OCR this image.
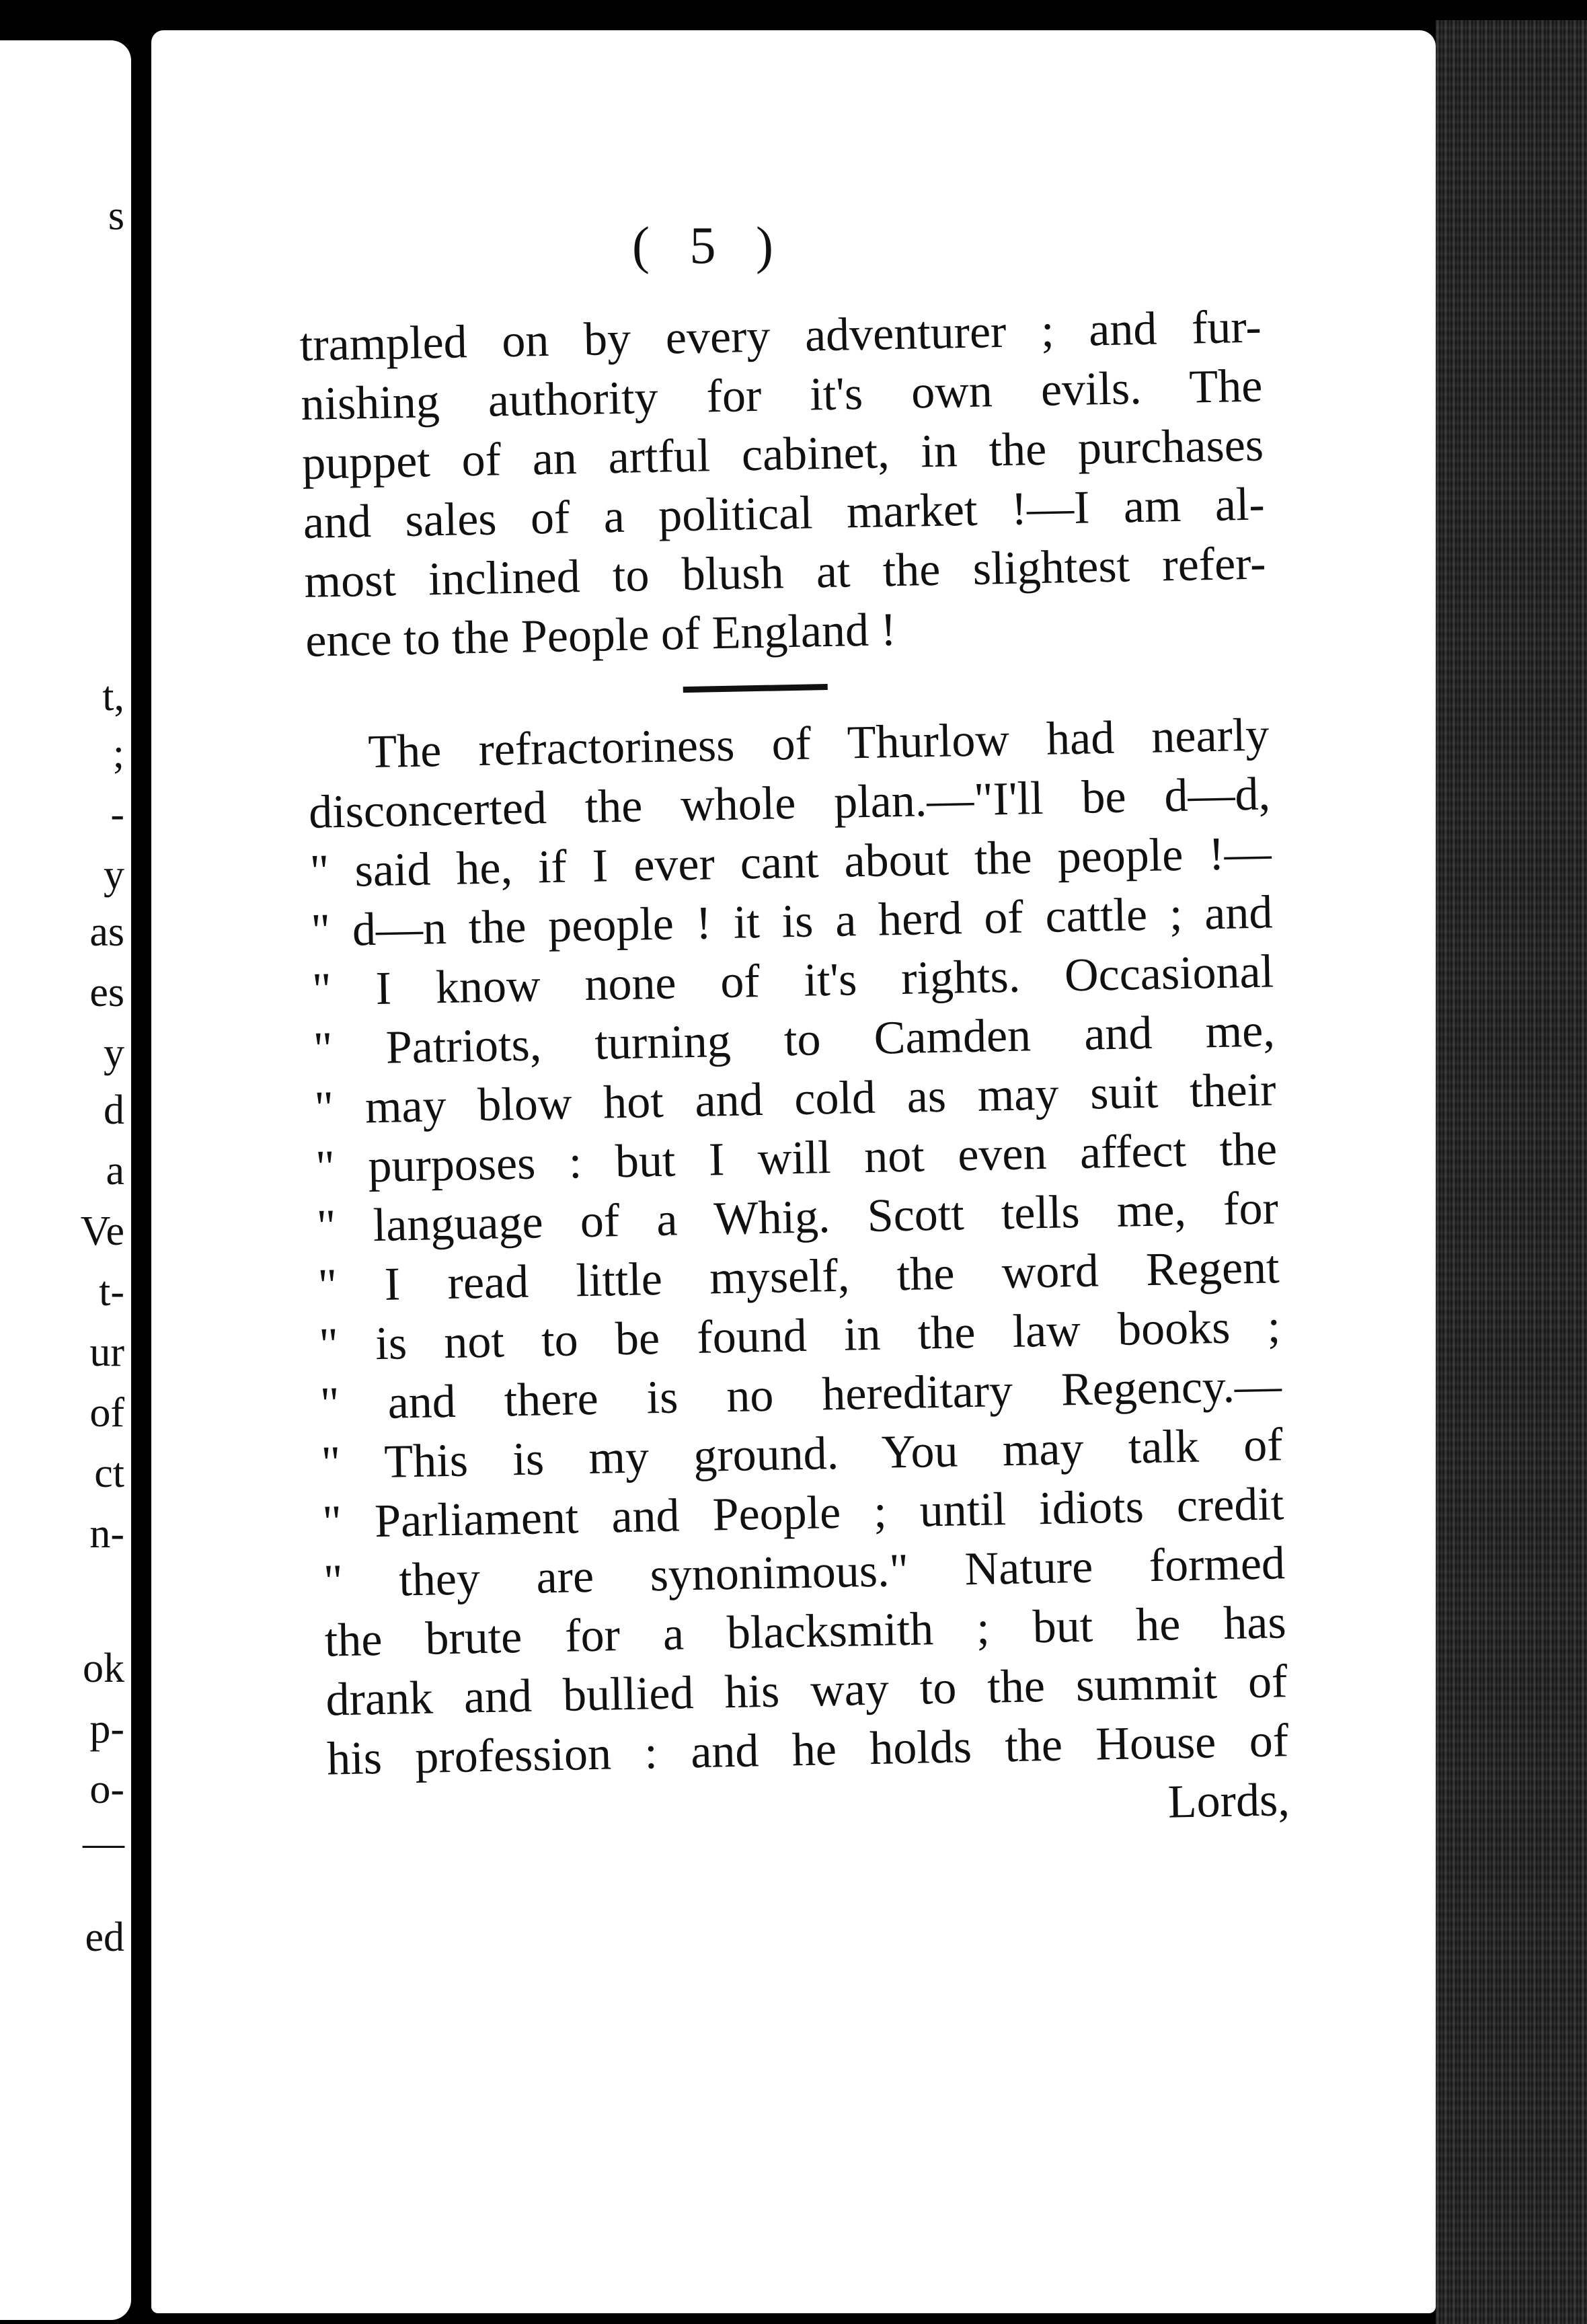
s
t,
;
-
y
as
es
y
d
a
Ve
t-
ur
of
ct
n-
ok
p-
o-
—
ed
( 5 )
trampled on by every adventurer ; and fur-
nishing authority for it's own evils. The
puppet of an artful cabinet, in the purchases
and sales of a political market !—I am al-
most inclined to blush at the slightest refer-
ence to the People of England !
The refractoriness of Thurlow had nearly
disconcerted the whole plan.—"I'll be d—d,
" said he, if I ever cant about the people !—
" d—n the people ! it is a herd of cattle ; and
" I know none of it's rights. Occasional
" Patriots, turning to Camden and me,
" may blow hot and cold as may suit their
" purposes : but I will not even affect the
" language of a Whig. Scott tells me, for
" I read little myself, the word Regent
" is not to be found in the law books ;
" and there is no hereditary Regency.—
" This is my ground. You may talk of
" Parliament and People ; until idiots credit
" they are synonimous." Nature formed
the brute for a blacksmith ; but he has
drank and bullied his way to the summit of
his profession : and he holds the House of
Lords,
